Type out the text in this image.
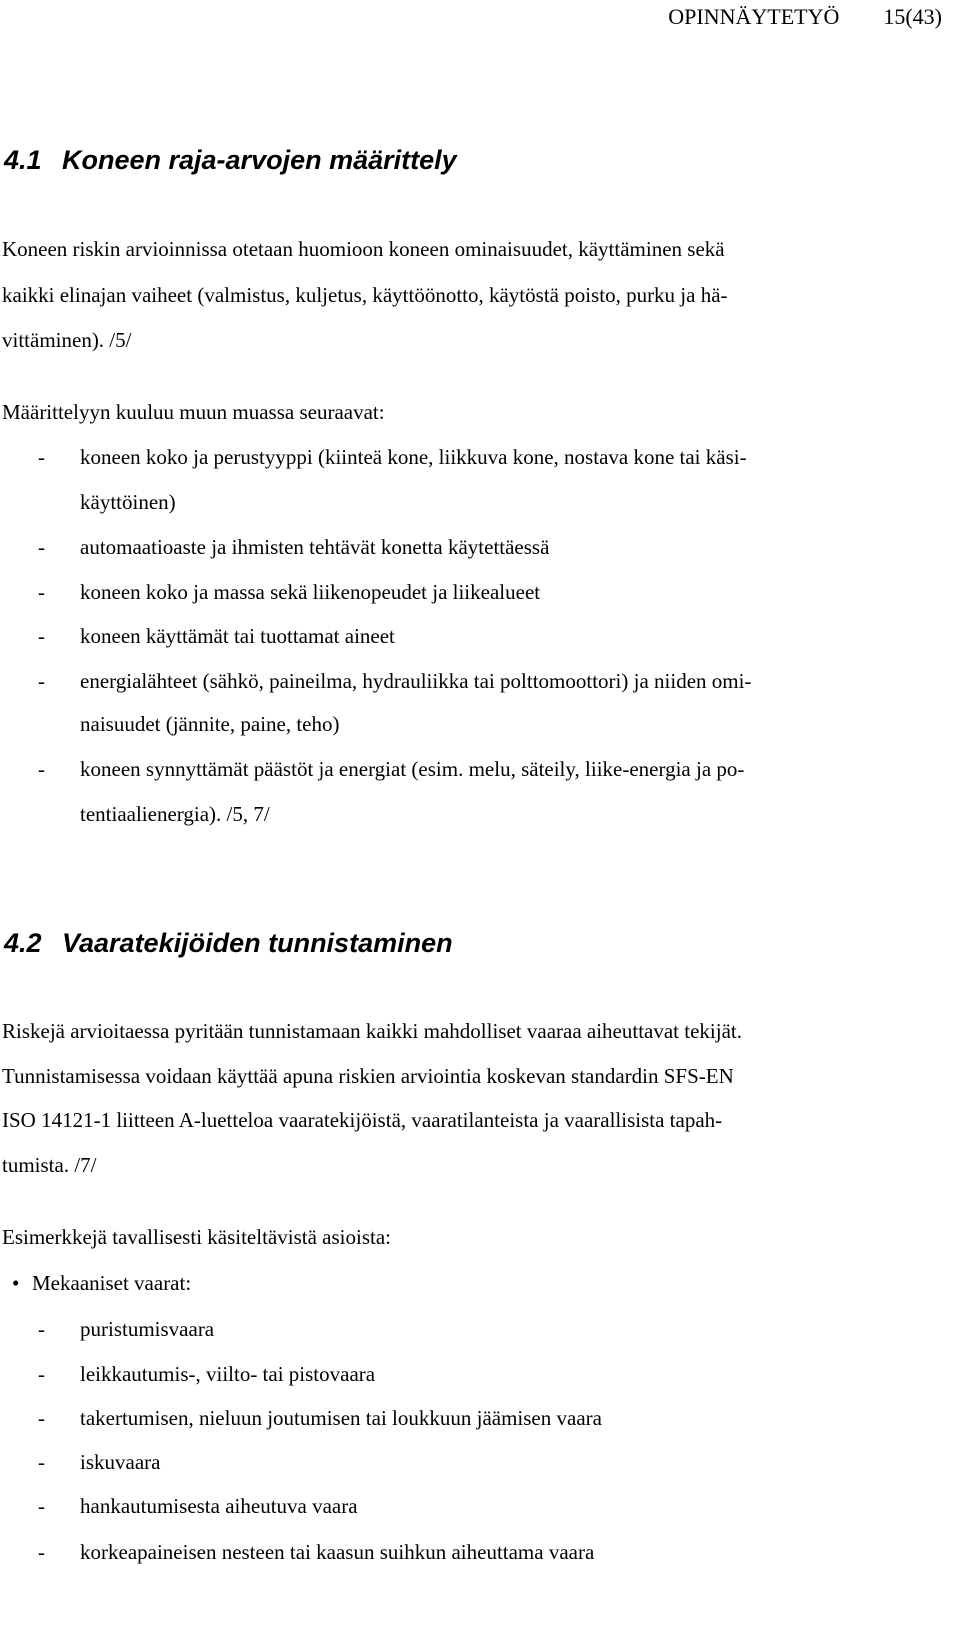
OPINNÄYTETYÖ 15(43)
4.1 Koneen raja-arvojen määrittely
Koneen riskin arvioinnissa otetaan huomioon koneen ominaisuudet, käyttäminen sekä
kaikki elinajan vaiheet (valmistus, kuljetus, käyttöönotto, käytöstä poisto, purku ja hä-
vittäminen). /5/
Määrittelyyn kuuluu muun muassa seuraavat:
- koneen koko ja perustyyppi (kiinteä kone, liikkuva kone, nostava kone tai käsi-
käyttöinen)
- automaatioaste ja ihmisten tehtävät konetta käytettäessä
- koneen koko ja massa sekä liikenopeudet ja liikealueet
- koneen käyttämät tai tuottamat aineet
- energialähteet (sähkö, paineilma, hydrauliikka tai polttomoottori) ja niiden omi-
naisuudet (jännite, paine, teho)
- koneen synnyttämät päästöt ja energiat (esim. melu, säteily, liike-energia ja po-
tentiaalienergia). /5, 7/
4.2 Vaaratekijöiden tunnistaminen
Riskejä arvioitaessa pyritään tunnistamaan kaikki mahdolliset vaaraa aiheuttavat tekijät.
Tunnistamisessa voidaan käyttää apuna riskien arviointia koskevan standardin SFS-EN
ISO 14121-1 liitteen A-luetteloa vaaratekijöistä, vaaratilanteista ja vaarallisista tapah-
tumista. /7/
Esimerkkejä tavallisesti käsiteltävistä asioista:
• Mekaaniset vaarat:
- puristumisvaara
- leikkautumis-, viilto- tai pistovaara
- takertumisen, nieluun joutumisen tai loukkuun jäämisen vaara
- iskuvaara
- hankautumisesta aiheutuva vaara
- korkeapaineisen nesteen tai kaasun suihkun aiheuttama vaara
